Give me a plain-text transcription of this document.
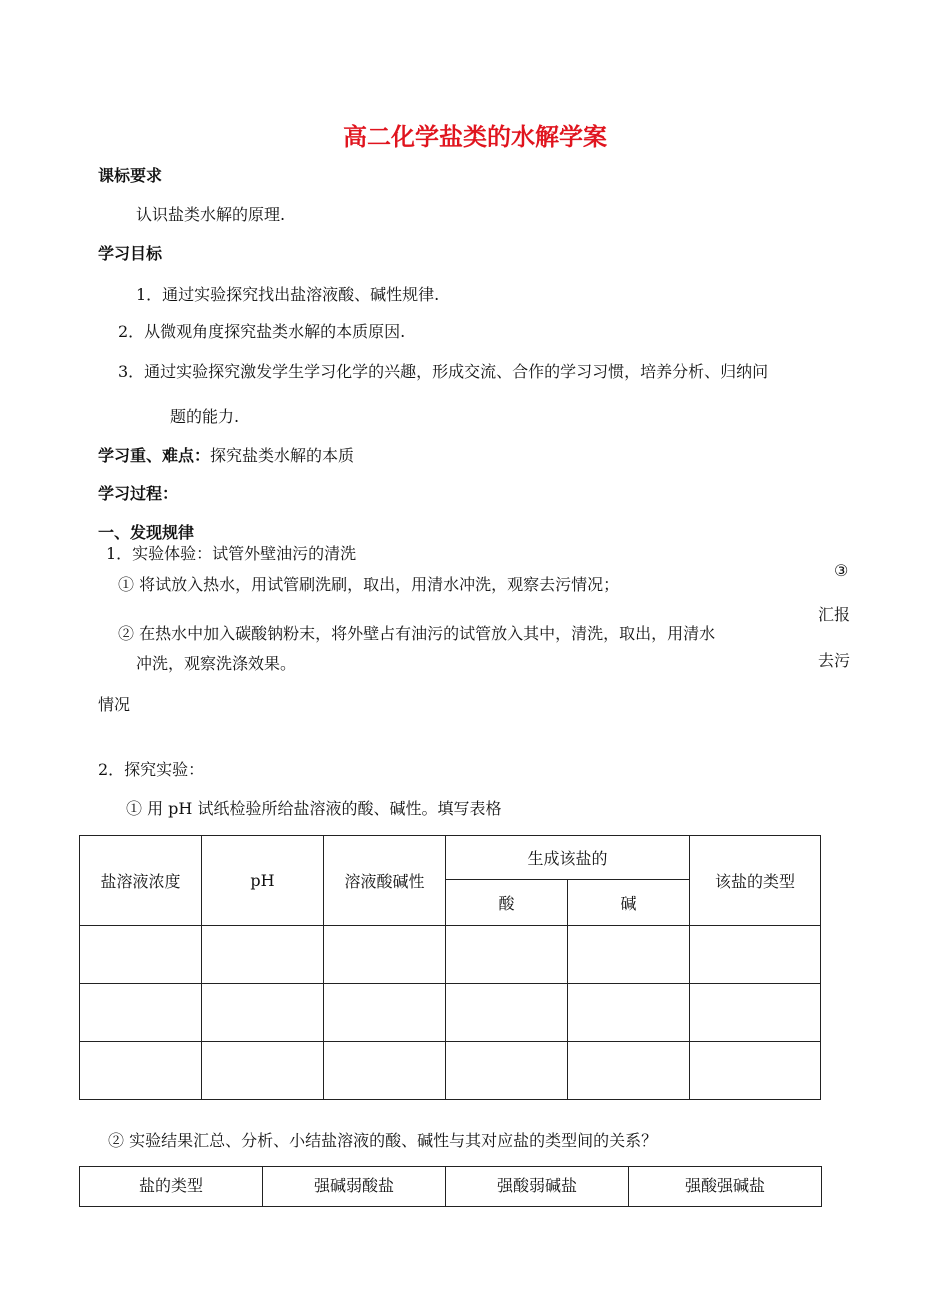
高二化学盐类的水解学案
课标要求
认识盐类水解的原理.
学习目标
1．通过实验探究找出盐溶液酸、碱性规律.
2．从微观角度探究盐类水解的本质原因.
3．通过实验探究激发学生学习化学的兴趣，形成交流、合作的学习习惯，培养分析、归纳问
题的能力.
学习重、难点：探究盐类水解的本质
学习过程：
一、发现规律
1．实验体验：试管外壁油污的清洗
① 将试放入热水，用试管刷洗刷，取出，用清水冲洗，观察去污情况；
② 在热水中加入碳酸钠粉末，将外壁占有油污的试管放入其中，清洗，取出，用清水
冲洗，观察洗涤效果。
③
汇报
去污
情况
2．探究实验：
① 用 pH 试纸检验所给盐溶液的酸、碱性。填写表格
盐溶液浓度	pH	溶液酸碱性	生成该盐的		该盐的类型
			酸	碱	

② 实验结果汇总、分析、小结盐溶液的酸、碱性与其对应盐的类型间的关系？
盐的类型	强碱弱酸盐	强酸弱碱盐	强酸强碱盐
